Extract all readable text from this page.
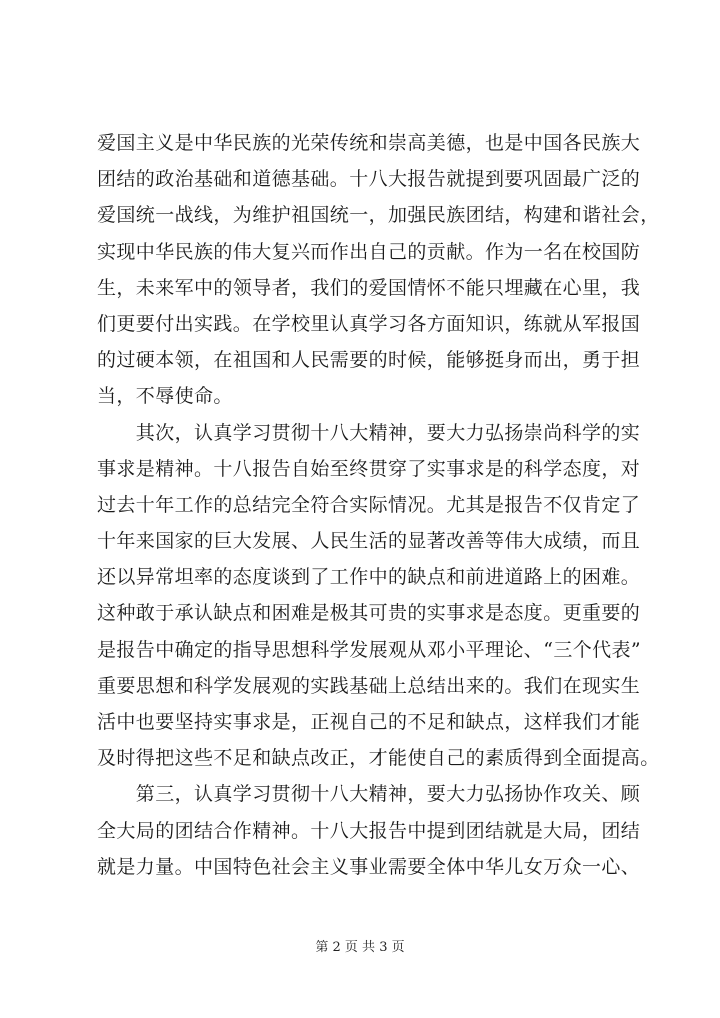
爱国主义是中华民族的光荣传统和崇高美德，也是中国各民族大
团结的政治基础和道德基础。十八大报告就提到要巩固最广泛的
爱国统一战线，为维护祖国统一，加强民族团结，构建和谐社会，
实现中华民族的伟大复兴而作出自己的贡献。作为一名在校国防
生，未来军中的领导者，我们的爱国情怀不能只埋藏在心里，我
们更要付出实践。在学校里认真学习各方面知识，练就从军报国
的过硬本领，在祖国和人民需要的时候，能够挺身而出，勇于担
当，不辱使命。
　　其次，认真学习贯彻十八大精神，要大力弘扬崇尚科学的实
事求是精神。十八报告自始至终贯穿了实事求是的科学态度，对
过去十年工作的总结完全符合实际情况。尤其是报告不仅肯定了
十年来国家的巨大发展、人民生活的显著改善等伟大成绩，而且
还以异常坦率的态度谈到了工作中的缺点和前进道路上的困难。
这种敢于承认缺点和困难是极其可贵的实事求是态度。更重要的
是报告中确定的指导思想科学发展观从邓小平理论、“三个代表”
重要思想和科学发展观的实践基础上总结出来的。我们在现实生
活中也要坚持实事求是，正视自己的不足和缺点，这样我们才能
及时得把这些不足和缺点改正，才能使自己的素质得到全面提高。
　　第三，认真学习贯彻十八大精神，要大力弘扬协作攻关、顾
全大局的团结合作精神。十八大报告中提到团结就是大局，团结
就是力量。中国特色社会主义事业需要全体中华儿女万众一心、
第 2 页 共 3 页
